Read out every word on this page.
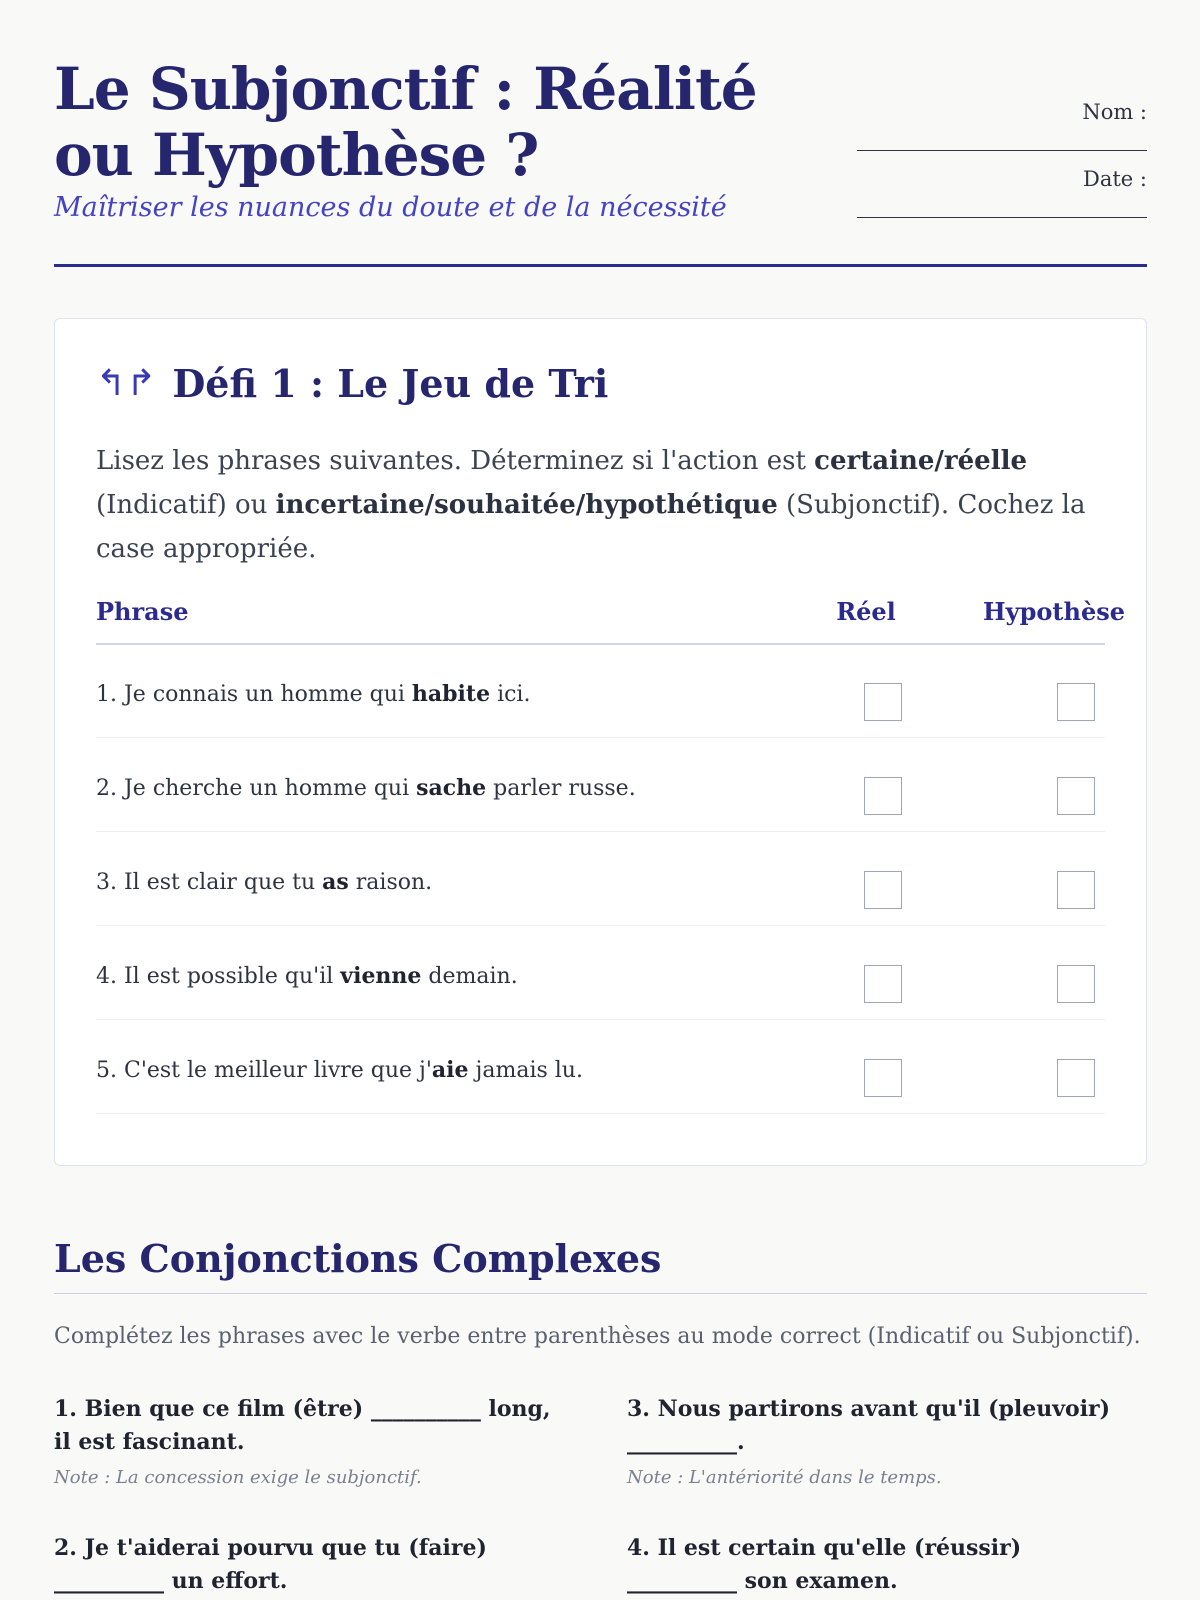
Le Subjonctif : Réalité ou Hypothèse ?

Maîtriser les nuances du doute et de la nécessité

Nom :
Date :
↰↱ Défi 1 : Le Jeu de Tri

Lisez les phrases suivantes. Déterminez si l'action est certaine/réelle (Indicatif) ou incertaine/souhaitée/hypothétique (Subjonctif). Cochez la case appropriée.

Phrase	Réel	Hypothèse
1. Je connais un homme qui habite ici.
2. Je cherche un homme qui sache parler russe.
3. Il est clair que tu as raison.
4. Il est possible qu'il vienne demain.
5. C'est le meilleur livre que j'aie jamais lu.
Les Conjonctions Complexes

Complétez les phrases avec le verbe entre parenthèses au mode correct (Indicatif ou Subjonctif).

1. Bien que ce film (être) __________ long, il est fascinant.

Note : La concession exige le subjonctif.

3. Nous partirons avant qu'il (pleuvoir) __________.

Note : L'antériorité dans le temps.

2. Je t'aiderai pourvu que tu (faire) __________ un effort.

4. Il est certain qu'elle (réussir) __________ son examen.
